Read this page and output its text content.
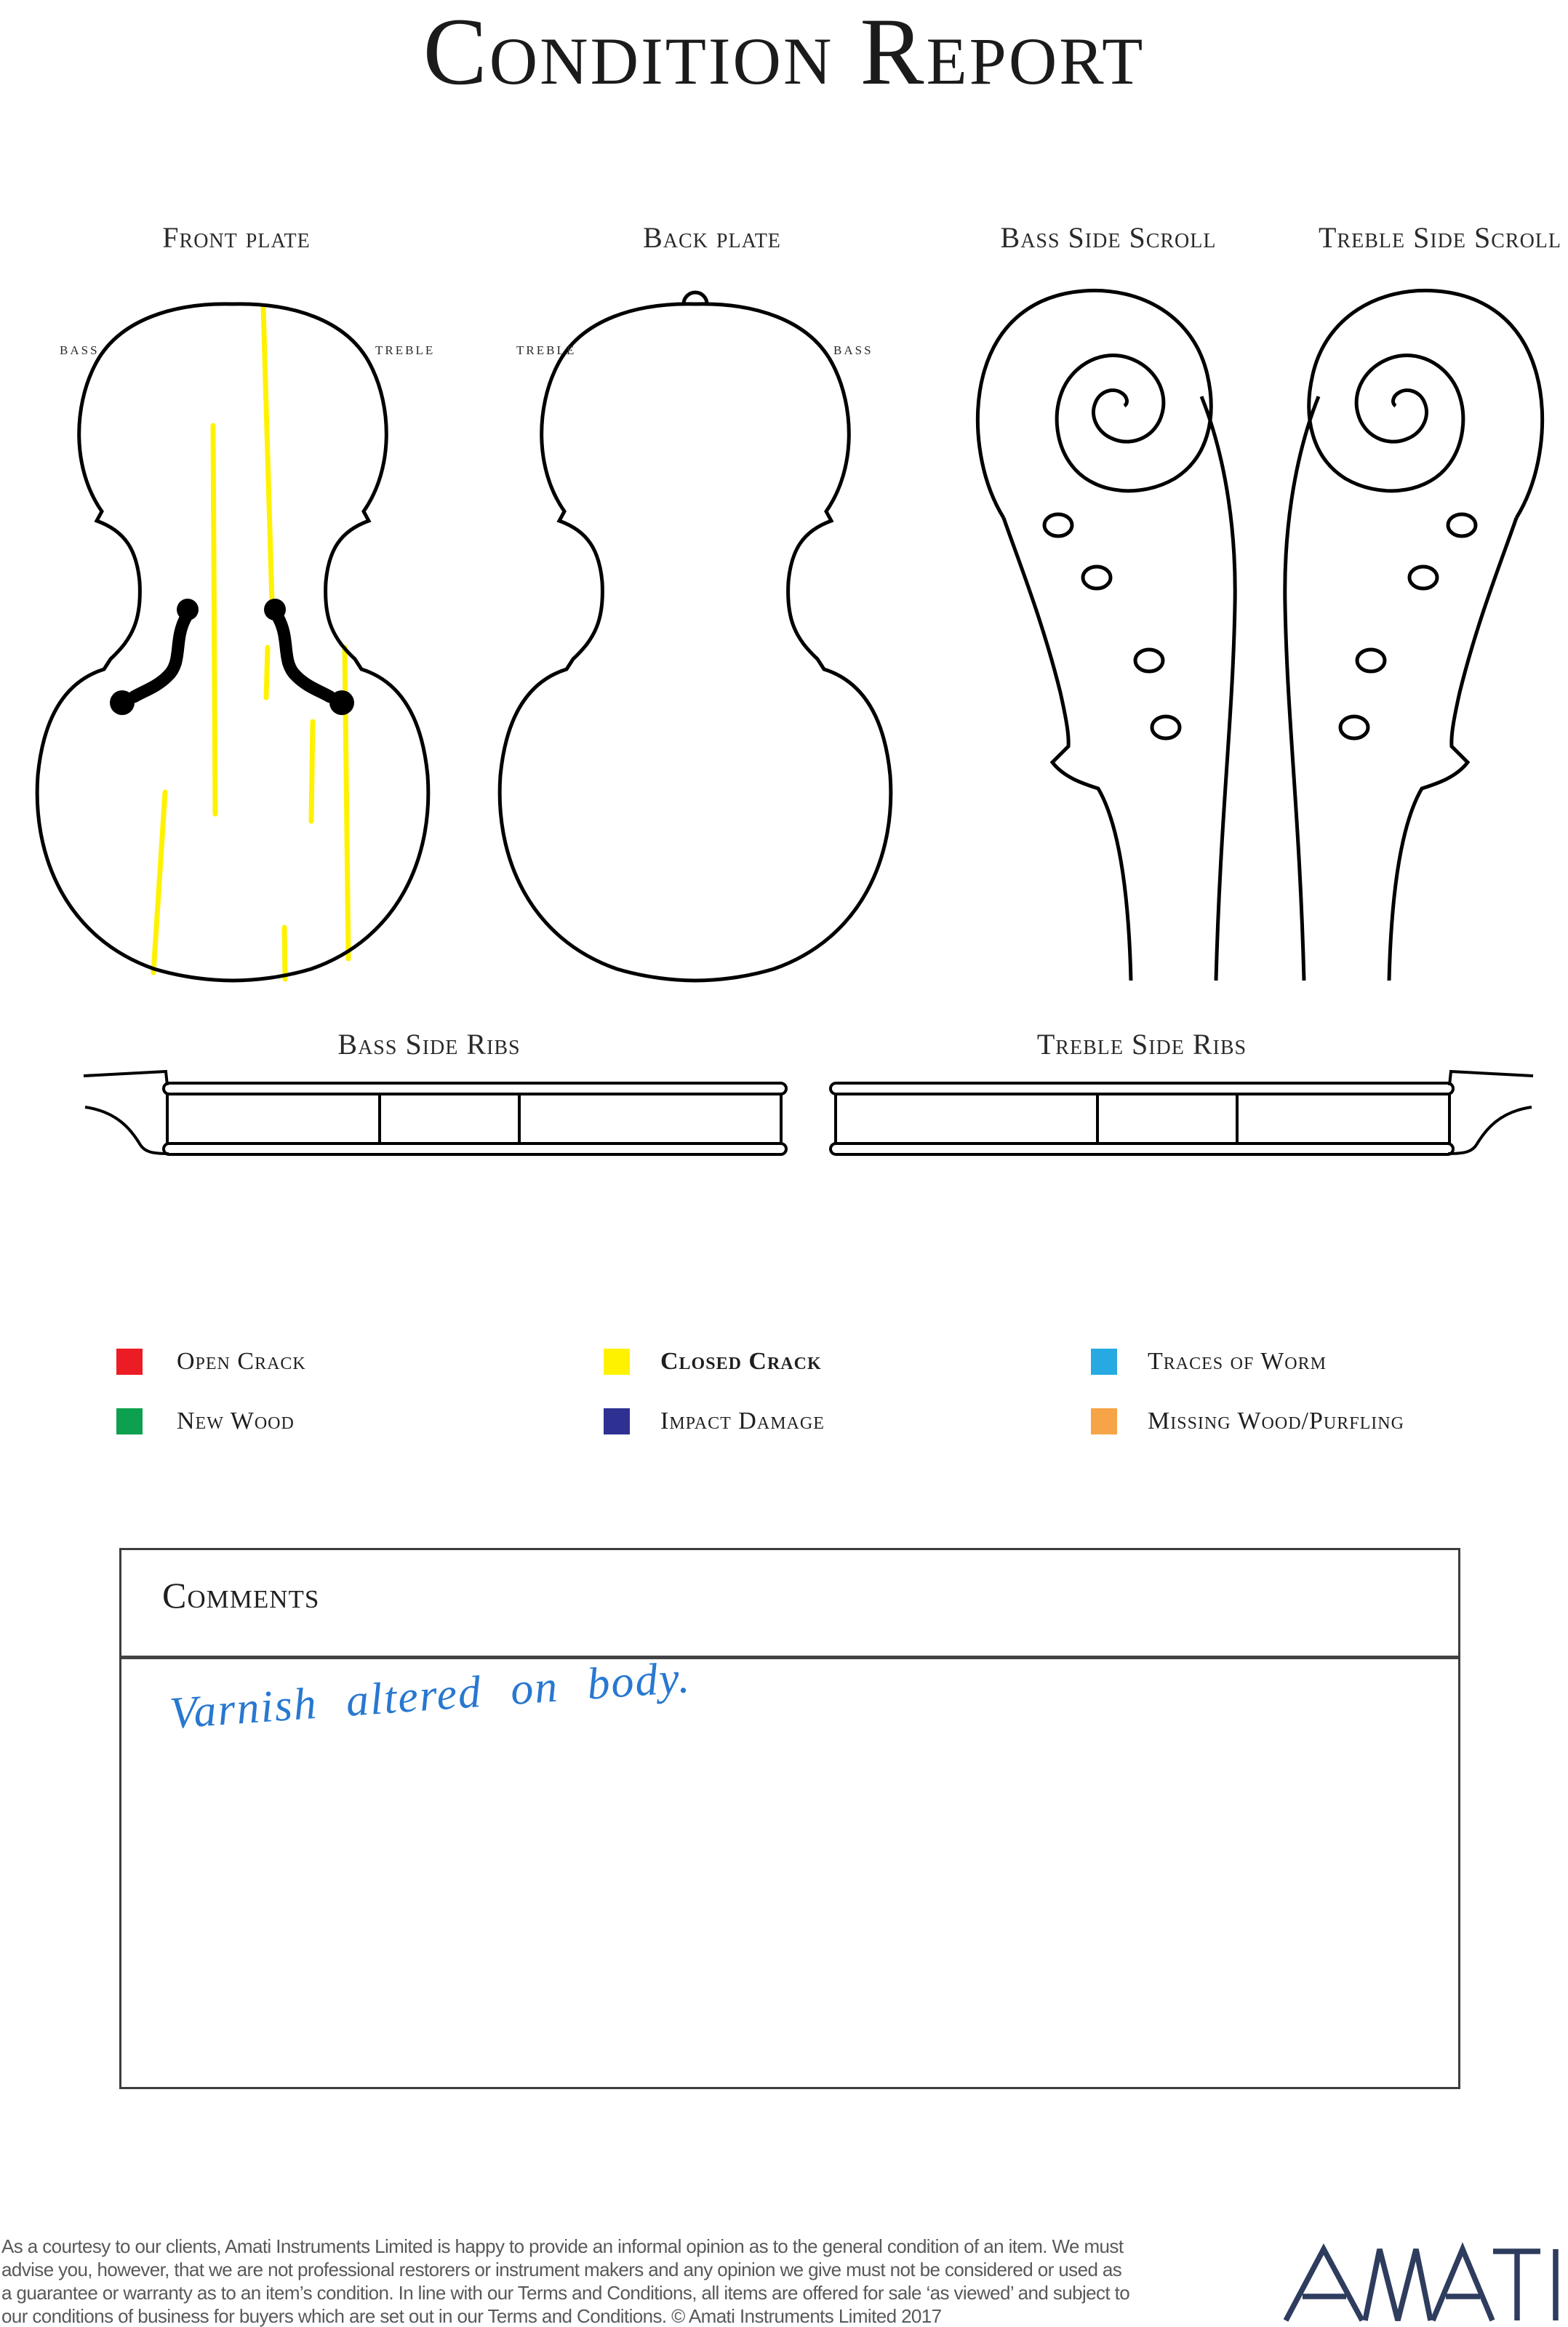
Condition Report
Front plate	Back plate	Bass Side Scroll	Treble Side Scroll
bass	treble	treble	bass
Bass Side Ribs	Treble Side Ribs
Open Crack	Closed Crack	Traces of Worm
New Wood	Impact Damage	Missing Wood/Purfling
Comments
Varnish altered on body.
As a courtesy to our clients, Amati Instruments Limited is happy to provide an informal opinion as to the general condition of an item. We must
advise you, however, that we are not professional restorers or instrument makers and any opinion we give must not be considered or used as
a guarantee or warranty as to an item’s condition. In line with our Terms and Conditions, all items are offered for sale ‘as viewed’ and subject to
our conditions of business for buyers which are set out in our Terms and Conditions. © Amati Instruments Limited 2017
